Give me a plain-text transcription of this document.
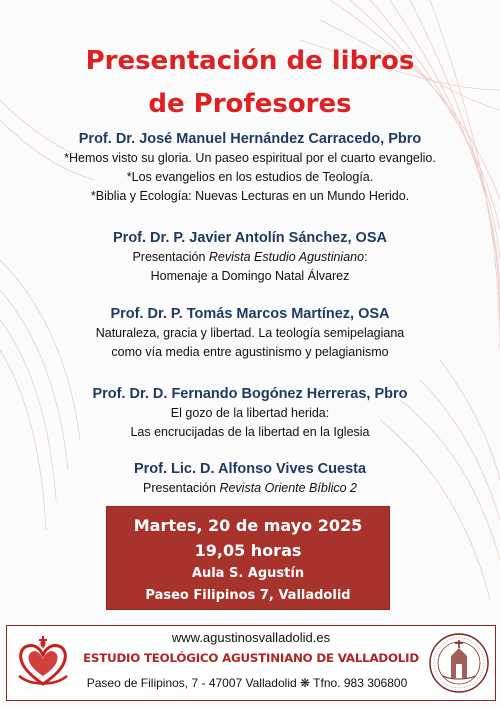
Presentación de libros
de Profesores

Prof. Dr. José Manuel Hernández Carracedo, Pbro

*Hemos visto su gloria. Un paseo espiritual por el cuarto evangelio.

*Los evangelios en los estudios de Teología.

*Biblia y Ecología: Nuevas Lecturas en un Mundo Herido.

Prof. Dr. P. Javier Antolín Sánchez, OSA

Presentación Revista Estudio Agustiniano:

Homenaje a Domingo Natal Álvarez

Prof. Dr. P. Tomás Marcos Martínez, OSA

Naturaleza, gracia y libertad. La teología semipelagiana

como vía media entre agustinismo y pelagianismo

Prof. Dr. D. Fernando Bogónez Herreras, Pbro

El gozo de la libertad herida:

Las encrucijadas de la libertad en la Iglesia

Prof. Lic. D. Alfonso Vives Cuesta

Presentación Revista Oriente Bíblico 2

Martes, 20 de mayo 2025
19,05 horas
Aula S. Agustín
Paseo Filipinos 7, Valladolid

www.agustinosvalladolid.es

ESTUDIO TEOLÓGICO AGUSTINIANO DE VALLADOLID

Paseo de Filipinos, 7 - 47007 Valladolid ❋ Tfno. 983 306800
